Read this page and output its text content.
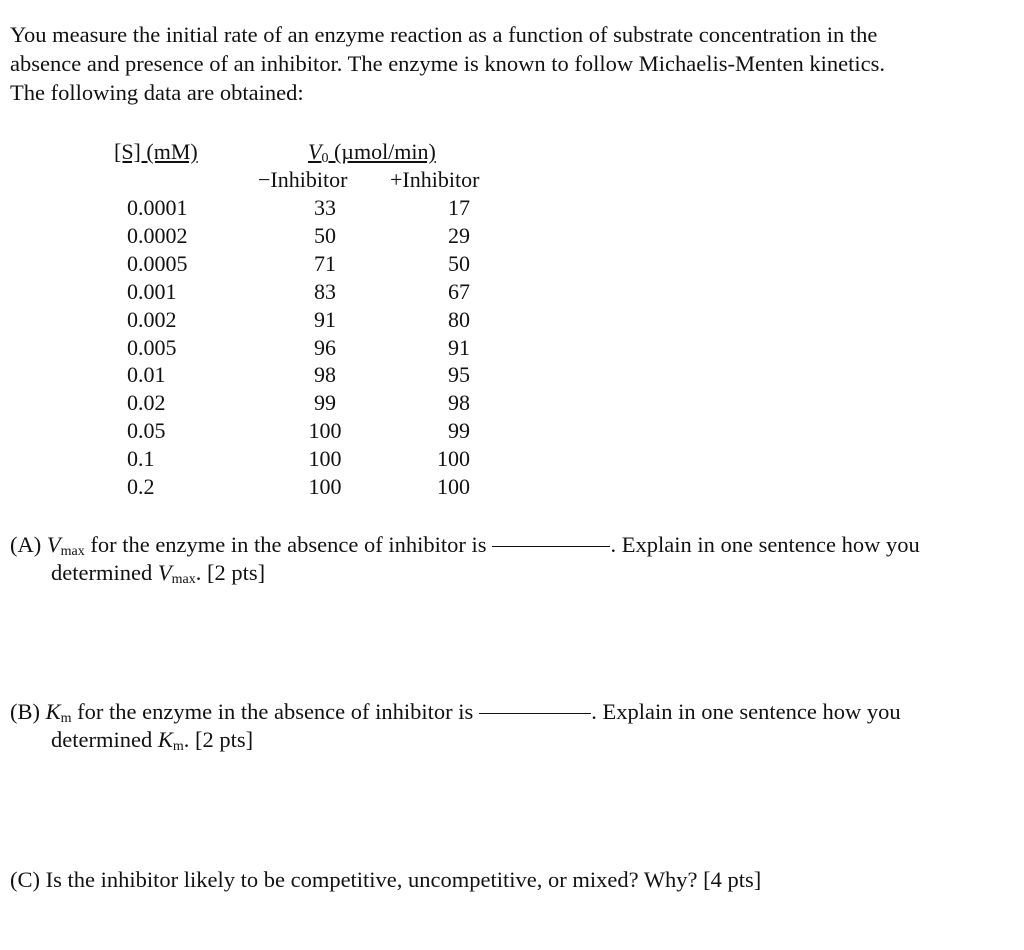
You measure the initial rate of an enzyme reaction as a function of substrate concentration in the
absence and presence of an inhibitor. The enzyme is known to follow Michaelis-Menten kinetics.
The following data are obtained:
[S] (mM)	$V_0$ (µmol/min)
−Inhibitor +Inhibitor
0.0001	33	17
0.0002	50	29
0.0005	71	50
0.001	83	67
0.002	91	80
0.005	96	91
0.01	98	95
0.02	99	98
0.05	100	99
0.1	100	100
0.2	100	100
(A) $V_{max}$ for the enzyme in the absence of inhibitor is	. Explain in one sentence how you
determined $V_{max}$. [2 pts]
(B) $K_m$ for the enzyme in the absence of inhibitor is	. Explain in one sentence how you
determined $K_m$. [2 pts]
(C) Is the inhibitor likely to be competitive, uncompetitive, or mixed? Why? [4 pts]
